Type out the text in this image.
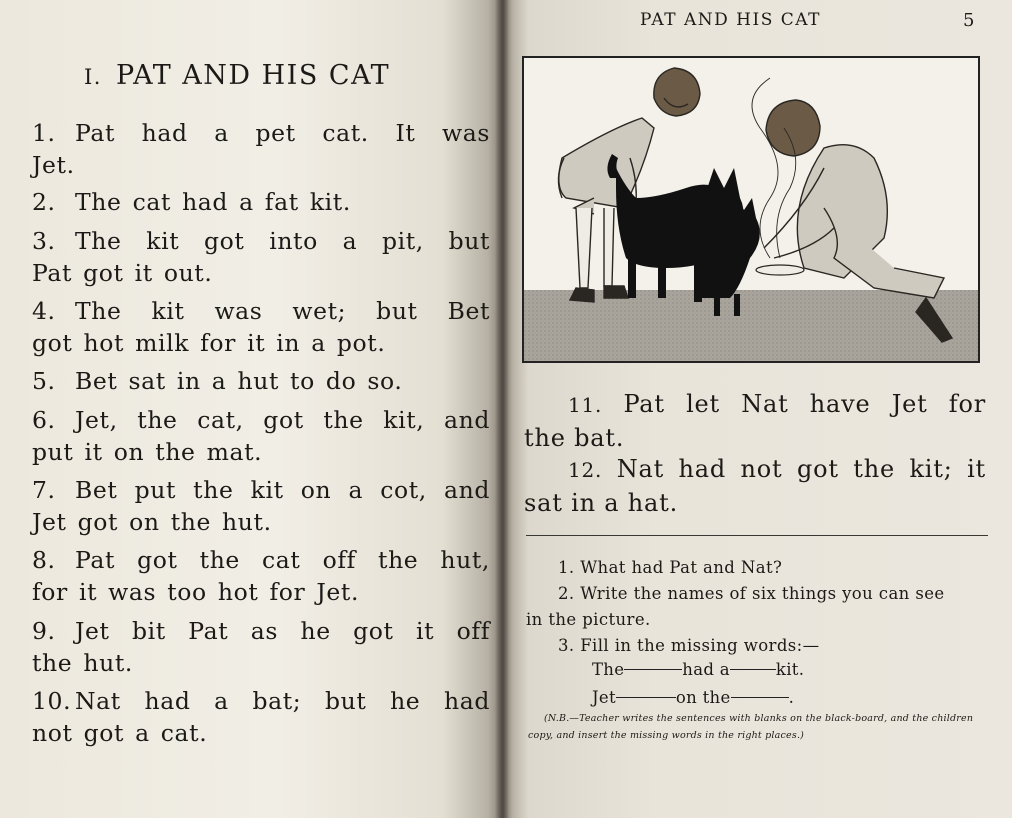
I. PAT AND HIS CAT
1. Pat had a pet cat. It was
Jet.
2. The cat had a fat kit.
3. The kit got into a pit, but
Pat got it out.
4. The kit was wet; but Bet
got hot milk for it in a pot.
5. Bet sat in a hut to do so.
6. Jet, the cat, got the kit, and
put it on the mat.
7. Bet put the kit on a cot, and
Jet got on the hut.
8. Pat got the cat off the hut,
for it was too hot for Jet.
9. Jet bit Pat as he got it off
the hut.
10. Nat had a bat; but he had
not got a cat.
PAT AND HIS CAT	5
11. Pat let Nat have Jet for
the bat.
12. Nat had not got the kit; it
sat in a hat.
1. What had Pat and Nat?
2. Write the names of six things you can see
in the picture.
3. Fill in the missing words:—
The	had a	kit.
Jet	on the	.
(N.B.—Teacher writes the sentences with blanks on the black-board, and the children
copy, and insert the missing words in the right places.)
